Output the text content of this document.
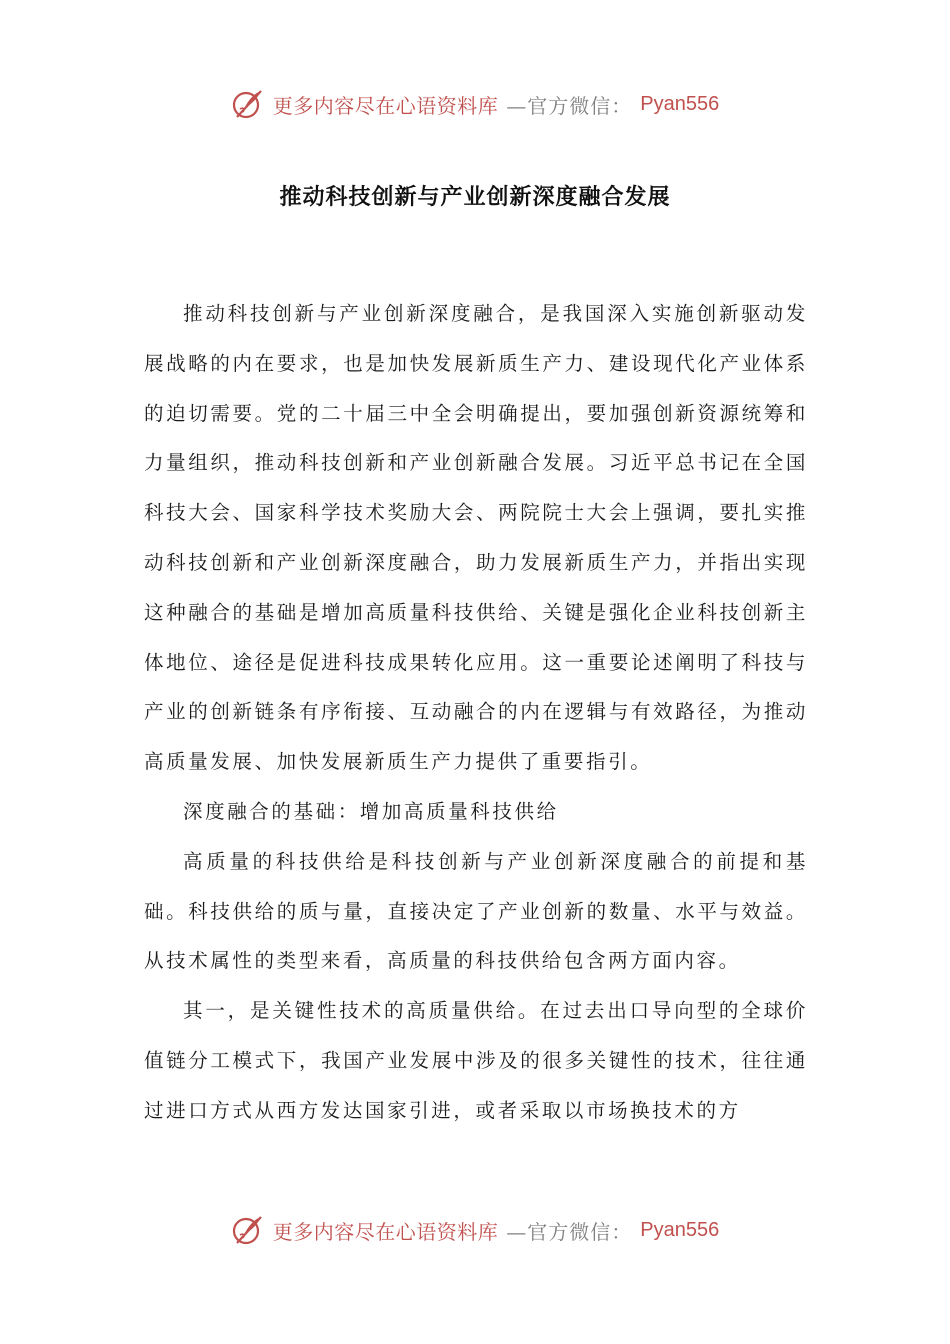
更多内容尽在心语资料库 —官方微信： Pyan556
推动科技创新与产业创新深度融合发展

推动科技创新与产业创新深度融合，是我国深入实施创新驱动发展战略的内在要求，也是加快发展新质生产力、建设现代化产业体系的迫切需要。党的二十届三中全会明确提出，要加强创新资源统筹和力量组织，推动科技创新和产业创新融合发展。习近平总书记在全国科技大会、国家科学技术奖励大会、两院院士大会上强调，要扎实推动科技创新和产业创新深度融合，助力发展新质生产力，并指出实现这种融合的基础是增加高质量科技供给、关键是强化企业科技创新主体地位、途径是促进科技成果转化应用。这一重要论述阐明了科技与产业的创新链条有序衔接、互动融合的内在逻辑与有效路径，为推动高质量发展、加快发展新质生产力提供了重要指引。

深度融合的基础：增加高质量科技供给

高质量的科技供给是科技创新与产业创新深度融合的前提和基础。科技供给的质与量，直接决定了产业创新的数量、水平与效益。从技术属性的类型来看，高质量的科技供给包含两方面内容。

其一，是关键性技术的高质量供给。在过去出口导向型的全球价值链分工模式下，我国产业发展中涉及的很多关键性的技术，往往通过进口方式从西方发达国家引进，或者采取以市场换技术的方

更多内容尽在心语资料库 —官方微信： Pyan556
